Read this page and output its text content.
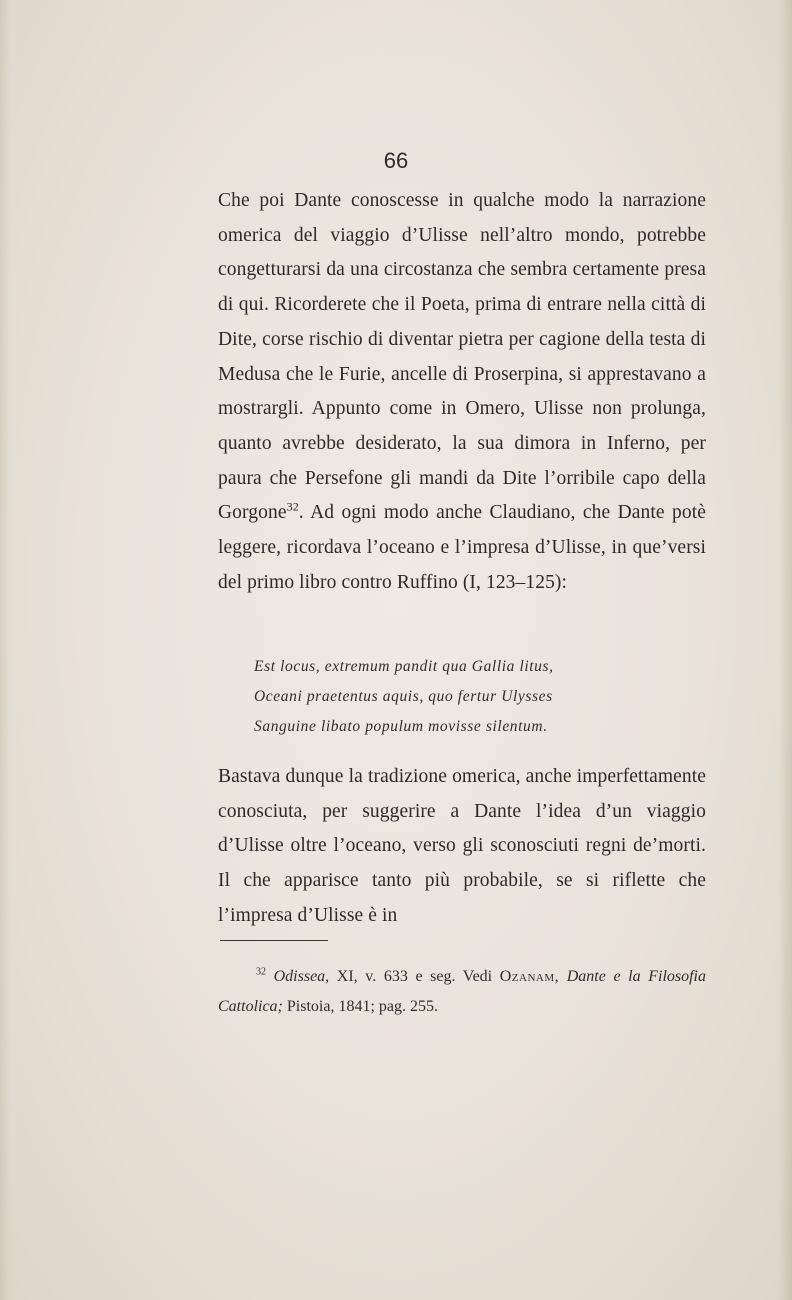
66

Che poi Dante conoscesse in qualche modo la narrazione omerica del viaggio d’Ulisse nell’altro mondo, potrebbe congetturarsi da una circostanza che sembra certamente presa di qui. Ricorderete che il Poeta, prima di entrare nella città di Dite, corse rischio di diventar pietra per cagione della testa di Medusa che le Furie, ancelle di Proserpina, si apprestavano a mostrargli. Appunto come in Omero, Ulisse non prolunga, quanto avrebbe desiderato, la sua dimora in Inferno, per paura che Persefone gli mandi da Dite l’orribile capo della Gorgone$^{32}$. Ad ogni modo anche Claudiano, che Dante potè leggere, ricordava l’oceano e l’impresa d’Ulisse, in que’versi del primo libro contro Ruffino (I, 123–125):

Est locus, extremum pandit qua Gallia litus,
Oceani praetentus aquis, quo fertur Ulysses
Sanguine libato populum movisse silentum.

Bastava dunque la tradizione omerica, anche imperfettamente conosciuta, per suggerire a Dante l’idea d’un viaggio d’Ulisse oltre l’oceano, verso gli sconosciuti regni de’morti. Il che apparisce tanto più probabile, se si riflette che l’impresa d’Ulisse è in

$^{32}$ Odissea, XI, v. 633 e seg. Vedi Ozanam, Dante e la Filosofia Cattolica; Pistoia, 1841; pag. 255.
